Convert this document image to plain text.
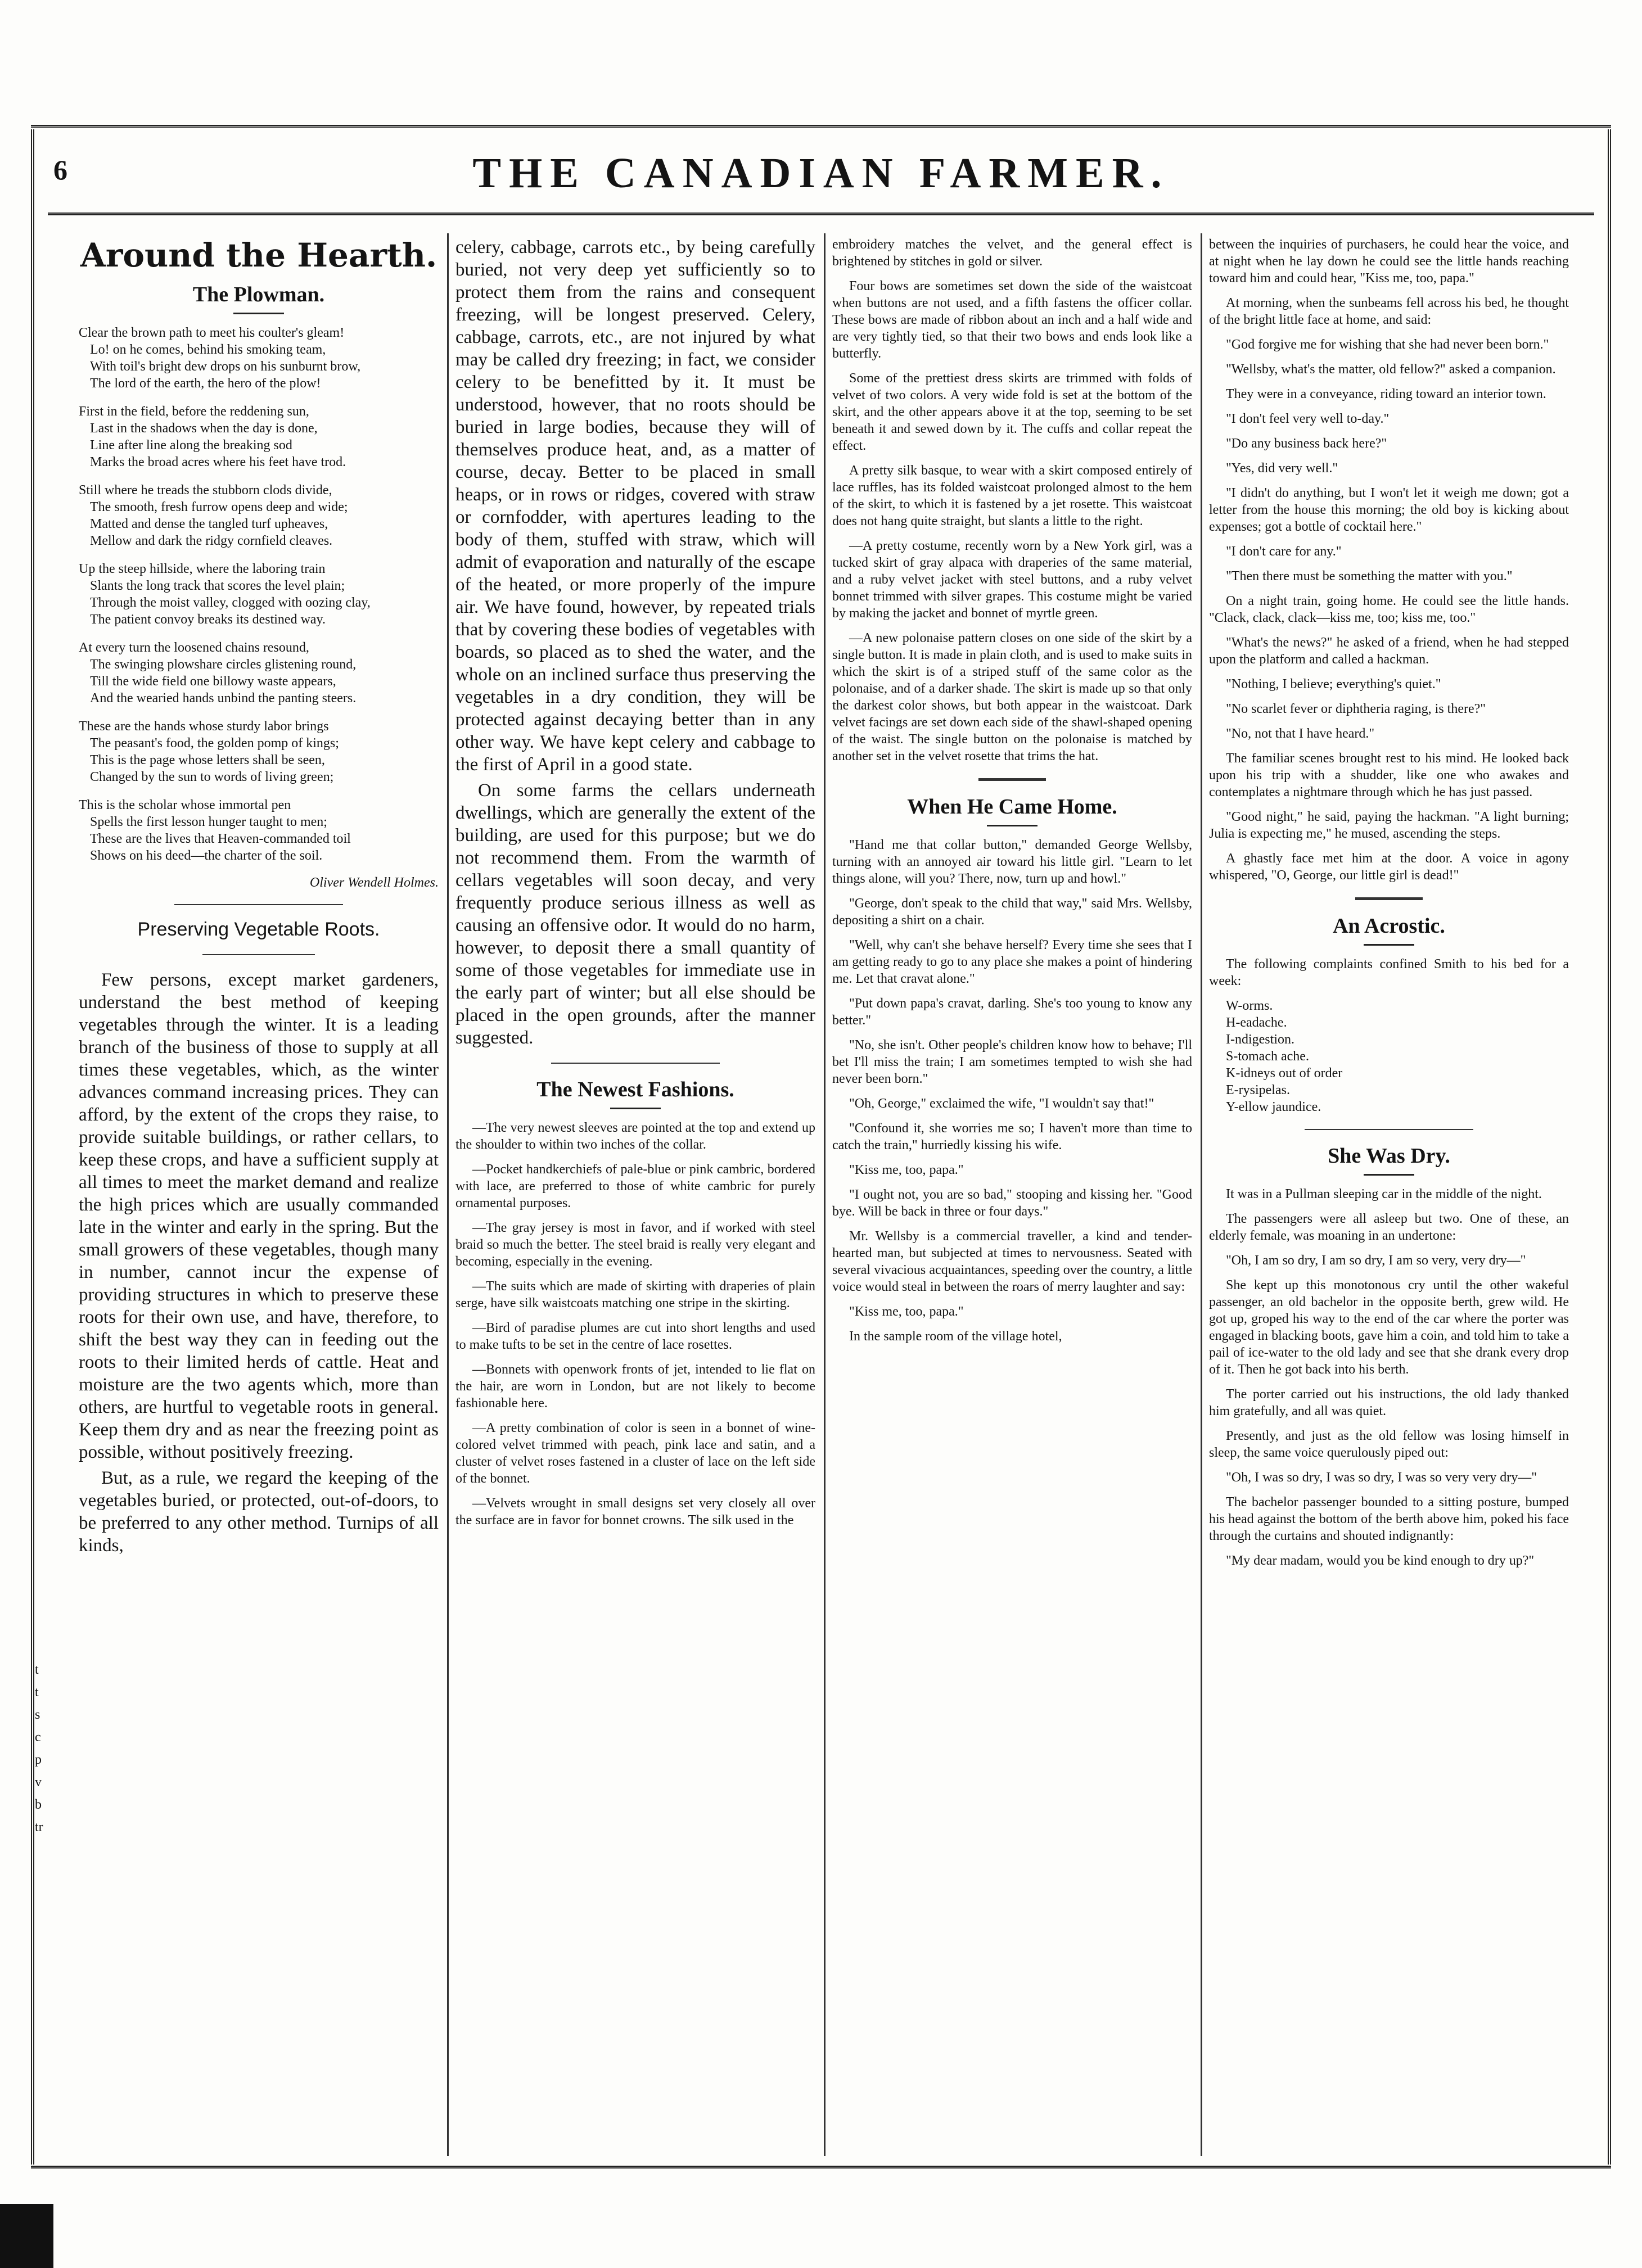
6	THE CANADIAN FARMER.
Around the Hearth.
The Plowman.

Clear the brown path to meet his coulter's gleam!
Lo! on he comes, behind his smoking team,
With toil's bright dew drops on his sunburnt brow,
The lord of the earth, the hero of the plow!

First in the field, before the reddening sun,
Last in the shadows when the day is done,
Line after line along the breaking sod
Marks the broad acres where his feet have trod.

Still where he treads the stubborn clods divide,
The smooth, fresh furrow opens deep and wide;
Matted and dense the tangled turf upheaves,
Mellow and dark the ridgy cornfield cleaves.

Up the steep hillside, where the laboring train
Slants the long track that scores the level plain;
Through the moist valley, clogged with oozing clay,
The patient convoy breaks its destined way.

At every turn the loosened chains resound,
The swinging plowshare circles glistening round,
Till the wide field one billowy waste appears,
And the wearied hands unbind the panting steers.

These are the hands whose sturdy labor brings
The peasant's food, the golden pomp of kings;
This is the page whose letters shall be seen,
Changed by the sun to words of living green;

This is the scholar whose immortal pen
Spells the first lesson hunger taught to men;
These are the lives that Heaven-commanded toil
Shows on his deed—the charter of the soil.

Oliver Wendell Holmes.
Preserving Vegetable Roots.

Few persons, except market gardeners, understand the best method of keeping vegetables through the winter. It is a leading branch of the business of those to supply at all times these vegetables, which, as the winter advances command increasing prices. They can afford, by the extent of the crops they raise, to provide suitable buildings, or rather cellars, to keep these crops, and have a sufficient supply at all times to meet the market demand and realize the high prices which are usually commanded late in the winter and early in the spring. But the small growers of these vegetables, though many in number, cannot incur the expense of providing structures in which to preserve these roots for their own use, and have, therefore, to shift the best way they can in feeding out the roots to their limited herds of cattle. Heat and moisture are the two agents which, more than others, are hurtful to vegetable roots in general. Keep them dry and as near the freezing point as possible, without positively freezing.

But, as a rule, we regard the keeping of the vegetables buried, or protected, out-of-doors, to be preferred to any other method. Turnips of all kinds,

celery, cabbage, carrots etc., by being carefully buried, not very deep yet sufficiently so to protect them from the rains and consequent freezing, will be longest preserved. Celery, cabbage, carrots, etc., are not injured by what may be called dry freezing; in fact, we consider celery to be benefitted by it. It must be understood, however, that no roots should be buried in large bodies, because they will of themselves produce heat, and, as a matter of course, decay. Better to be placed in small heaps, or in rows or ridges, covered with straw or cornfodder, with apertures leading to the body of them, stuffed with straw, which will admit of evaporation and naturally of the escape of the heated, or more properly of the impure air. We have found, however, by repeated trials that by covering these bodies of vegetables with boards, so placed as to shed the water, and the whole on an inclined surface thus preserving the vegetables in a dry condition, they will be protected against decaying better than in any other way. We have kept celery and cabbage to the first of April in a good state.

On some farms the cellars underneath dwellings, which are generally the extent of the building, are used for this purpose; but we do not recommend them. From the warmth of cellars vegetables will soon decay, and very frequently produce serious illness as well as causing an offensive odor. It would do no harm, however, to deposit there a small quantity of some of those vegetables for immediate use in the early part of winter; but all else should be placed in the open grounds, after the manner suggested.

The Newest Fashions.

—The very newest sleeves are pointed at the top and extend up the shoulder to within two inches of the collar.

—Pocket handkerchiefs of pale-blue or pink cambric, bordered with lace, are preferred to those of white cambric for purely ornamental purposes.

—The gray jersey is most in favor, and if worked with steel braid so much the better. The steel braid is really very elegant and becoming, especially in the evening.

—The suits which are made of skirting with draperies of plain serge, have silk waistcoats matching one stripe in the skirting.

—Bird of paradise plumes are cut into short lengths and used to make tufts to be set in the centre of lace rosettes.

—Bonnets with openwork fronts of jet, intended to lie flat on the hair, are worn in London, but are not likely to become fashionable here.

—A pretty combination of color is seen in a bonnet of wine-colored velvet trimmed with peach, pink lace and satin, and a cluster of velvet roses fastened in a cluster of lace on the left side of the bonnet.

—Velvets wrought in small designs set very closely all over the surface are in favor for bonnet crowns. The silk used in the

embroidery matches the velvet, and the general effect is brightened by stitches in gold or silver.

Four bows are sometimes set down the side of the waistcoat when buttons are not used, and a fifth fastens the officer collar. These bows are made of ribbon about an inch and a half wide and are very tightly tied, so that their two bows and ends look like a butterfly.

Some of the prettiest dress skirts are trimmed with folds of velvet of two colors. A very wide fold is set at the bottom of the skirt, and the other appears above it at the top, seeming to be set beneath it and sewed down by it. The cuffs and collar repeat the effect.

A pretty silk basque, to wear with a skirt composed entirely of lace ruffles, has its folded waistcoat prolonged almost to the hem of the skirt, to which it is fastened by a jet rosette. This waistcoat does not hang quite straight, but slants a little to the right.

—A pretty costume, recently worn by a New York girl, was a tucked skirt of gray alpaca with draperies of the same material, and a ruby velvet jacket with steel buttons, and a ruby velvet bonnet trimmed with silver grapes. This costume might be varied by making the jacket and bonnet of myrtle green.

—A new polonaise pattern closes on one side of the skirt by a single button. It is made in plain cloth, and is used to make suits in which the skirt is of a striped stuff of the same color as the polonaise, and of a darker shade. The skirt is made up so that only the darkest color shows, but both appear in the waistcoat. Dark velvet facings are set down each side of the shawl-shaped opening of the waist. The single button on the polonaise is matched by another set in the velvet rosette that trims the hat.

When He Came Home.

"Hand me that collar button," demanded George Wellsby, turning with an annoyed air toward his little girl. "Learn to let things alone, will you? There, now, turn up and howl."

"George, don't speak to the child that way," said Mrs. Wellsby, depositing a shirt on a chair.

"Well, why can't she behave herself? Every time she sees that I am getting ready to go to any place she makes a point of hindering me. Let that cravat alone."

"Put down papa's cravat, darling. She's too young to know any better."

"No, she isn't. Other people's children know how to behave; I'll bet I'll miss the train; I am sometimes tempted to wish she had never been born."

"Oh, George," exclaimed the wife, "I wouldn't say that!"

"Confound it, she worries me so; I haven't more than time to catch the train," hurriedly kissing his wife.

"Kiss me, too, papa."

"I ought not, you are so bad," stooping and kissing her. "Good bye. Will be back in three or four days."

Mr. Wellsby is a commercial traveller, a kind and tender-hearted man, but subjected at times to nervousness. Seated with several vivacious acquaintances, speeding over the country, a little voice would steal in between the roars of merry laughter and say:

"Kiss me, too, papa."

In the sample room of the village hotel,

between the inquiries of purchasers, he could hear the voice, and at night when he lay down he could see the little hands reaching toward him and could hear, "Kiss me, too, papa."

At morning, when the sunbeams fell across his bed, he thought of the bright little face at home, and said:

"God forgive me for wishing that she had never been born."

"Wellsby, what's the matter, old fellow?" asked a companion.

They were in a conveyance, riding toward an interior town.

"I don't feel very well to-day."

"Do any business back here?"

"Yes, did very well."

"I didn't do anything, but I won't let it weigh me down; got a letter from the house this morning; the old boy is kicking about expenses; got a bottle of cocktail here."

"I don't care for any."

"Then there must be something the matter with you."

On a night train, going home. He could see the little hands. "Clack, clack, clack—kiss me, too; kiss me, too."

"What's the news?" he asked of a friend, when he had stepped upon the platform and called a hackman.

"Nothing, I believe; everything's quiet."

"No scarlet fever or diphtheria raging, is there?"

"No, not that I have heard."

The familiar scenes brought rest to his mind. He looked back upon his trip with a shudder, like one who awakes and contemplates a nightmare through which he has just passed.

"Good night," he said, paying the hackman. "A light burning; Julia is expecting me," he mused, ascending the steps.

A ghastly face met him at the door. A voice in agony whispered, "O, George, our little girl is dead!"

An Acrostic.

The following complaints confined Smith to his bed for a week:

W-orms.
H-eadache.
I-ndigestion.
S-tomach ache.
K-idneys out of order
E-rysipelas.
Y-ellow jaundice.
She Was Dry.

It was in a Pullman sleeping car in the middle of the night.

The passengers were all asleep but two. One of these, an elderly female, was moaning in an undertone:

"Oh, I am so dry, I am so dry, I am so very, very dry—"

She kept up this monotonous cry until the other wakeful passenger, an old bachelor in the opposite berth, grew wild. He got up, groped his way to the end of the car where the porter was engaged in blacking boots, gave him a coin, and told him to take a pail of ice-water to the old lady and see that she drank every drop of it. Then he got back into his berth.

The porter carried out his instructions, the old lady thanked him gratefully, and all was quiet.

Presently, and just as the old fellow was losing himself in sleep, the same voice querulously piped out:

"Oh, I was so dry, I was so dry, I was so very very dry—"

The bachelor passenger bounded to a sitting posture, bumped his head against the bottom of the berth above him, poked his face through the curtains and shouted indignantly:

"My dear madam, would you be kind enough to dry up?"

t
t
s
c
p
v
b
tr
